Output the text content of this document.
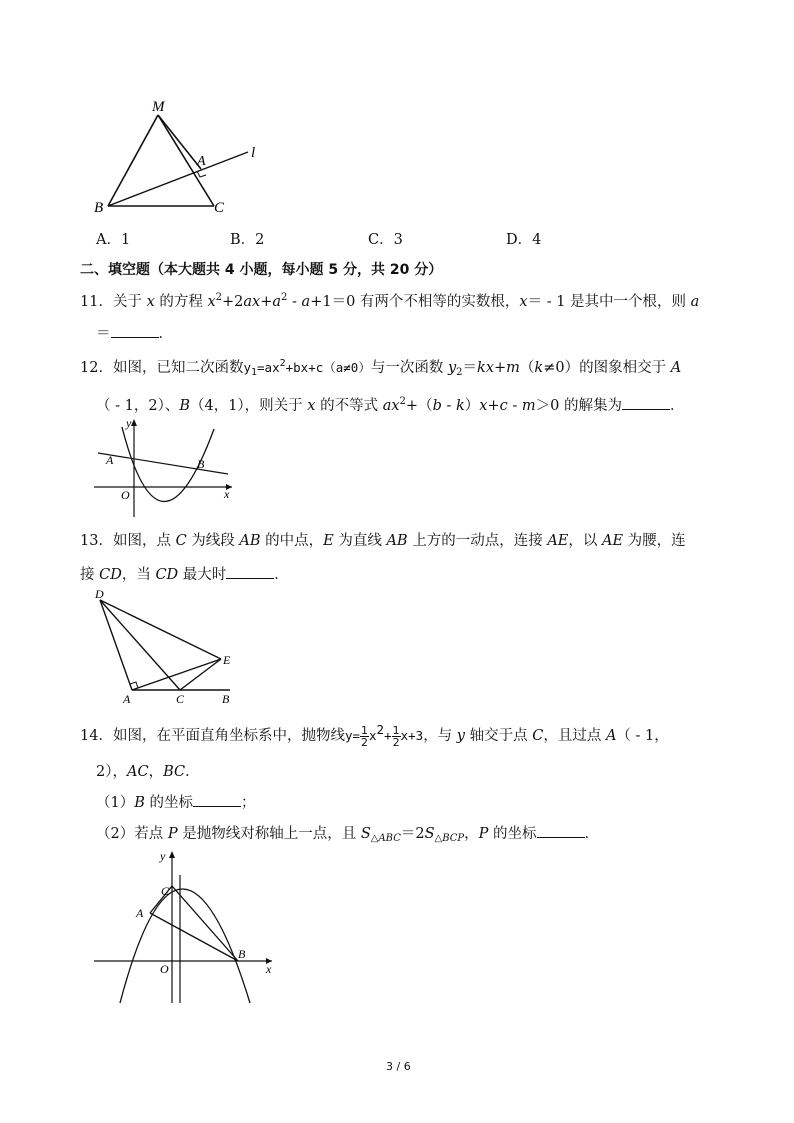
M
A
l
B	C
A．1	B．2	C．3	D．4
二、填空题（本大题共 4 小题，每小题 5 分，共 20 分）
11．关于 x 的方程 $x^2+2ax+a^2$ ‑ a+1＝0 有两个不相等的实数根，x＝ ‑ 1 是其中一个根，则 a
＝	．
12．如图，已知二次函数$y_1=ax^2+bx+c(a\ne 0)$与一次函数 $y_2=kx+m(k\ne 0)$的图象相交于 A
（ ‑ 1，2）、B（4，1），则关于 x 的不等式 $ax^2+(b$ ‑ k）x+c ‑ m＞0 的解集为	．
y
A	B
O	x
13．如图，点 C 为线段 AB 的中点，E 为直线 AB 上方的一动点，连接 AE，以 AE 为腰，连
接 CD，当 CD 最大时	．
D
E
A	C	B
14．如图，在平面直角坐标系中，抛物线$y= \frac{1}{2} x2+ \frac{1}{2} x+3$，与 y 轴交于点 C，且过点 A（ ‑ 1，
2），AC，BC．
（1）B 的坐标	；
（2）若点 P 是抛物线对称轴上一点，且 $S_{\triangle ABC}=2S_{\triangle BCP}$，P 的坐标	．
y
C
A
O
B
x
3 / 6
